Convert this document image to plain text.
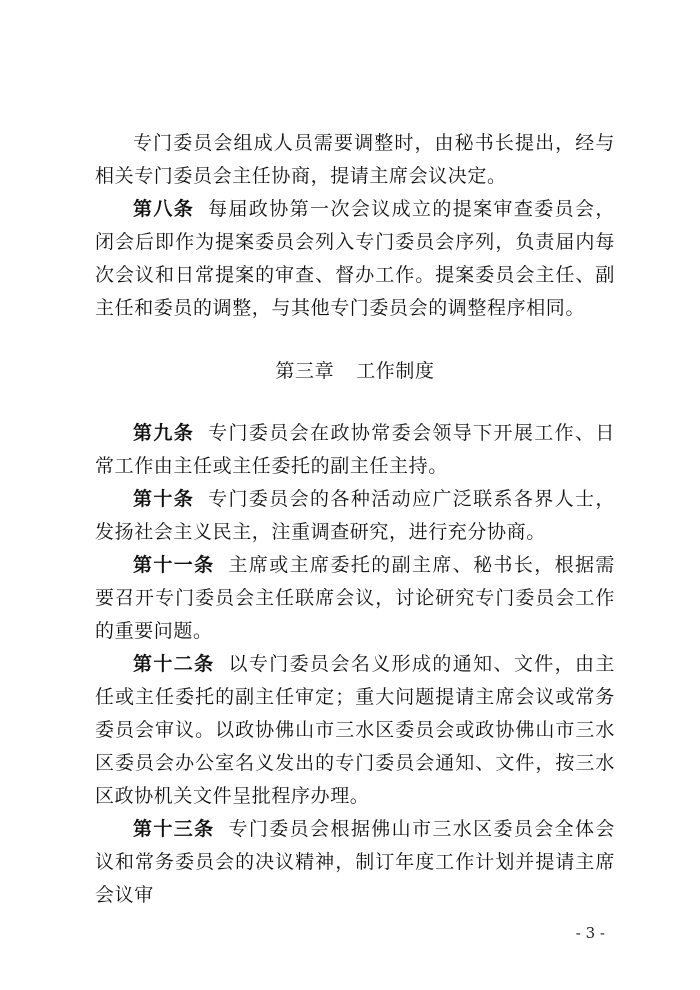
专门委员会组成人员需要调整时，由秘书长提出，经与相关专门委员会主任协商，提请主席会议决定。

第八条 每届政协第一次会议成立的提案审查委员会，闭会后即作为提案委员会列入专门委员会序列，负责届内每次会议和日常提案的审查、督办工作。提案委员会主任、副主任和委员的调整，与其他专门委员会的调整程序相同。

第三章 工作制度

第九条 专门委员会在政协常委会领导下开展工作、日常工作由主任或主任委托的副主任主持。

第十条 专门委员会的各种活动应广泛联系各界人士，发扬社会主义民主，注重调查研究，进行充分协商。

第十一条 主席或主席委托的副主席、秘书长，根据需要召开专门委员会主任联席会议，讨论研究专门委员会工作的重要问题。

第十二条 以专门委员会名义形成的通知、文件，由主任或主任委托的副主任审定；重大问题提请主席会议或常务委员会审议。以政协佛山市三水区委员会或政协佛山市三水区委员会办公室名义发出的专门委员会通知、文件，按三水区政协机关文件呈批程序办理。

第十三条 专门委员会根据佛山市三水区委员会全体会议和常务委员会的决议精神，制订年度工作计划并提请主席会议审

- 3 -
